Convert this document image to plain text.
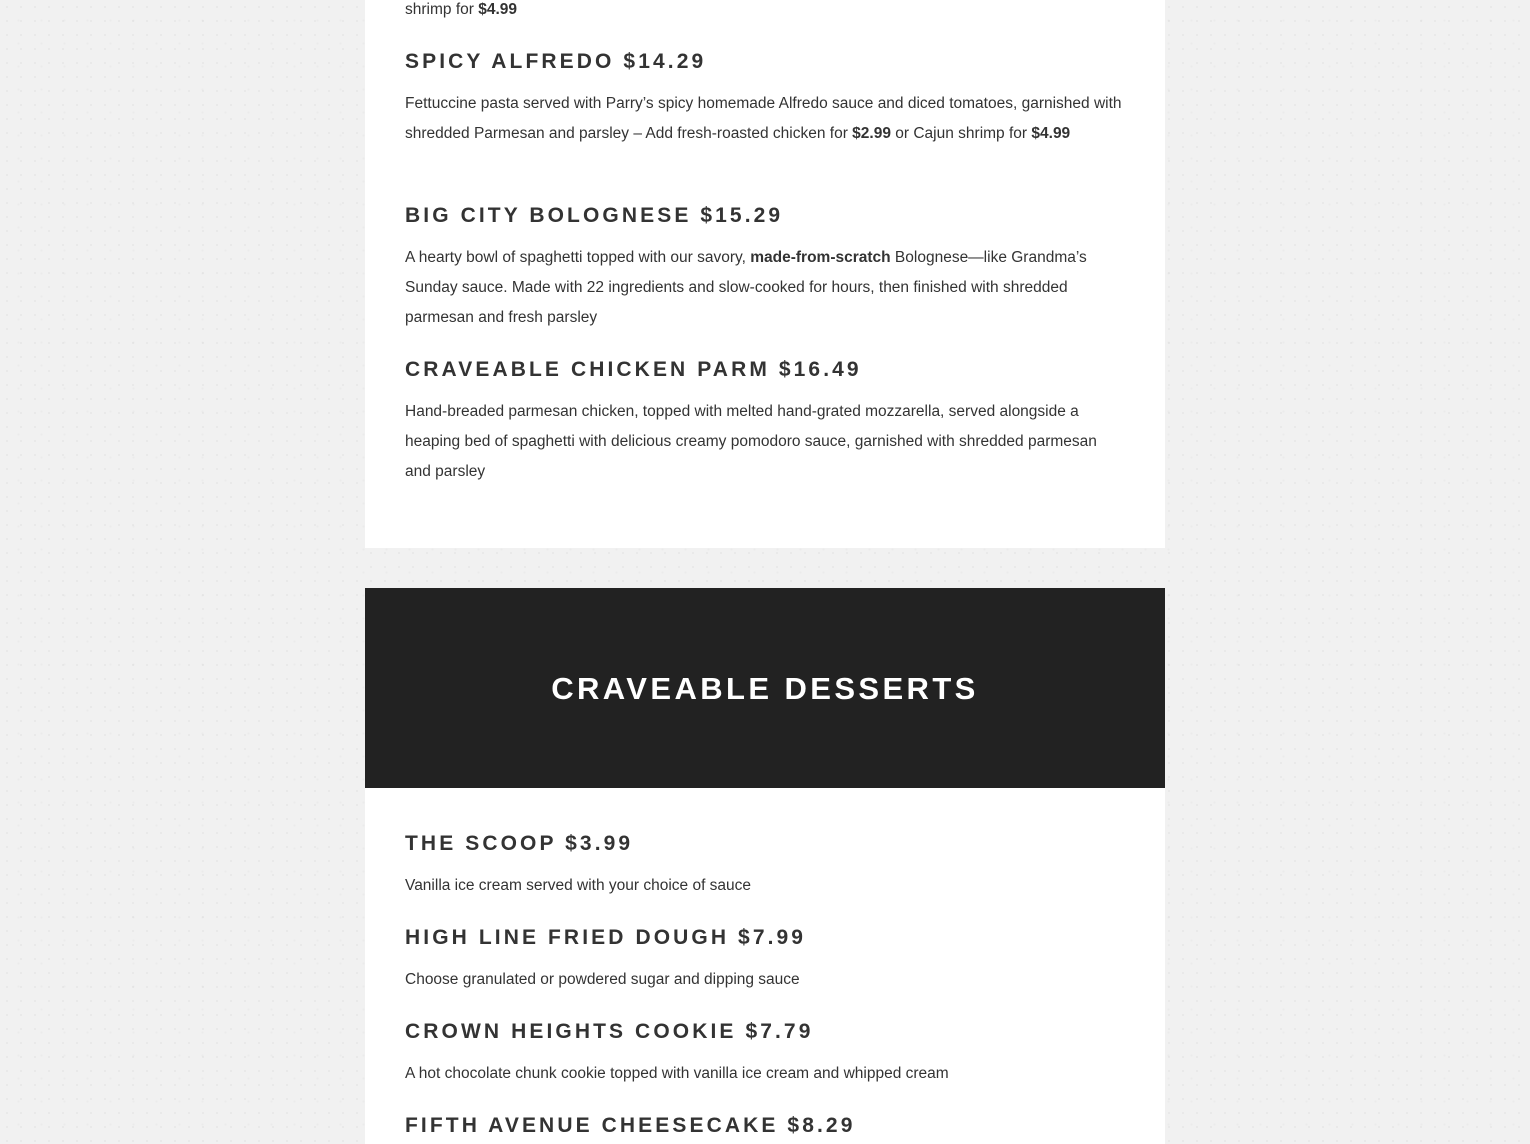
shrimp for $4.99

SPICY ALFREDO $14.29

Fettuccine pasta served with Parry’s spicy homemade Alfredo sauce and diced tomatoes, garnished with shredded Parmesan and parsley – Add fresh-roasted chicken for $2.99 or Cajun shrimp for $4.99

BIG CITY BOLOGNESE $15.29

A hearty bowl of spaghetti topped with our savory, made-from-scratch Bolognese—like Grandma’s Sunday sauce. Made with 22 ingredients and slow-cooked for hours, then finished with shredded parmesan and fresh parsley

CRAVEABLE CHICKEN PARM $16.49

Hand-breaded parmesan chicken, topped with melted hand-grated mozzarella, served alongside a heaping bed of spaghetti with delicious creamy pomodoro sauce, garnished with shredded parmesan and parsley

CRAVEABLE DESSERTS
THE SCOOP $3.99

Vanilla ice cream served with your choice of sauce

HIGH LINE FRIED DOUGH $7.99

Choose granulated or powdered sugar and dipping sauce

CROWN HEIGHTS COOKIE $7.79

A hot chocolate chunk cookie topped with vanilla ice cream and whipped cream

FIFTH AVENUE CHEESECAKE $8.29
